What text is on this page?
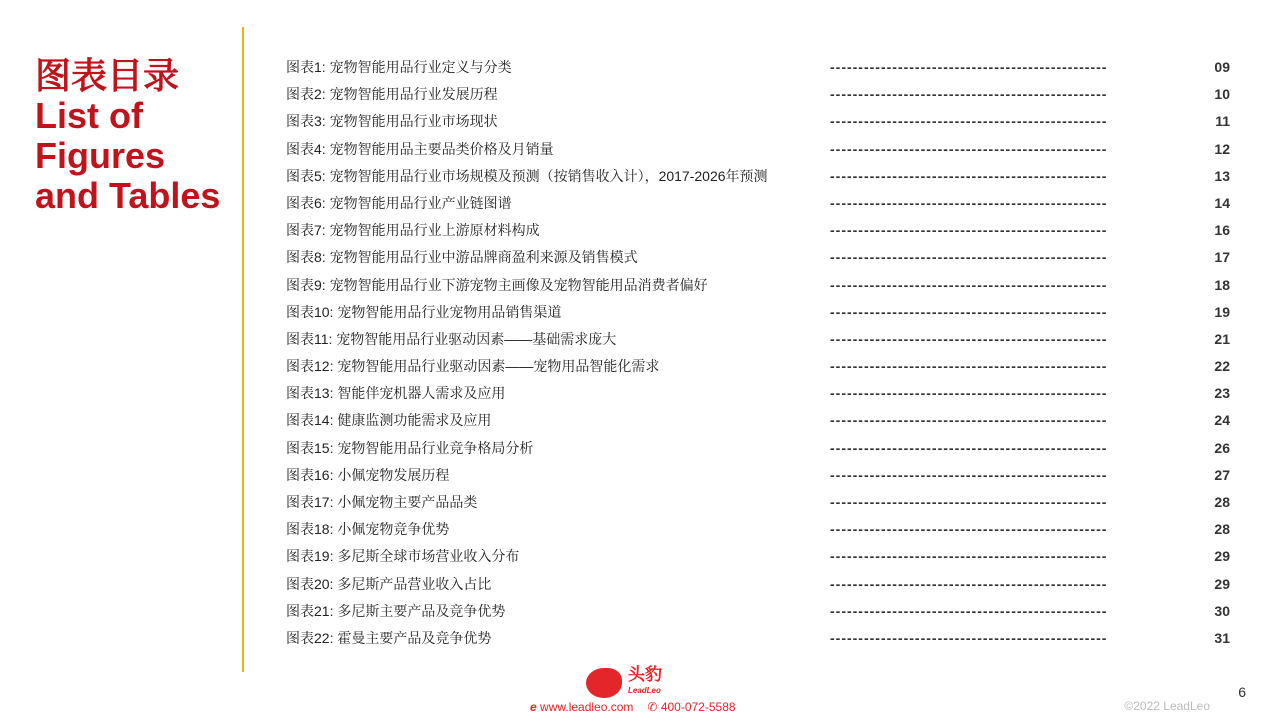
图表目录
List of
Figures
and Tables
图表1: 宠物智能用品行业定义与分类	-------------------------------------------------	09
图表2: 宠物智能用品行业发展历程	-------------------------------------------------	10
图表3: 宠物智能用品行业市场现状	-------------------------------------------------	11
图表4: 宠物智能用品主要品类价格及月销量	-------------------------------------------------	12
图表5: 宠物智能用品行业市场规模及预测（按销售收入计），2017-2026年预测	-------------------------------------------------	13
图表6: 宠物智能用品行业产业链图谱	-------------------------------------------------	14
图表7: 宠物智能用品行业上游原材料构成	-------------------------------------------------	16
图表8: 宠物智能用品行业中游品牌商盈利来源及销售模式	-------------------------------------------------	17
图表9: 宠物智能用品行业下游宠物主画像及宠物智能用品消费者偏好	-------------------------------------------------	18
图表10: 宠物智能用品行业宠物用品销售渠道	-------------------------------------------------	19
图表11: 宠物智能用品行业驱动因素——基础需求庞大	-------------------------------------------------	21
图表12: 宠物智能用品行业驱动因素——宠物用品智能化需求	-------------------------------------------------	22
图表13: 智能伴宠机器人需求及应用	-------------------------------------------------	23
图表14: 健康监测功能需求及应用	-------------------------------------------------	24
图表15: 宠物智能用品行业竞争格局分析	-------------------------------------------------	26
图表16: 小佩宠物发展历程	-------------------------------------------------	27
图表17: 小佩宠物主要产品品类	-------------------------------------------------	28
图表18: 小佩宠物竞争优势	-------------------------------------------------	28
图表19: 多尼斯全球市场营业收入分布	-------------------------------------------------	29
图表20: 多尼斯产品营业收入占比	-------------------------------------------------	29
图表21: 多尼斯主要产品及竞争优势	-------------------------------------------------	30
图表22: 霍曼主要产品及竞争优势	-------------------------------------------------	31
头豹
LeadLeo
e www.leadleo.com ✆ 400-072-5588
6
©2022 LeadLeo
